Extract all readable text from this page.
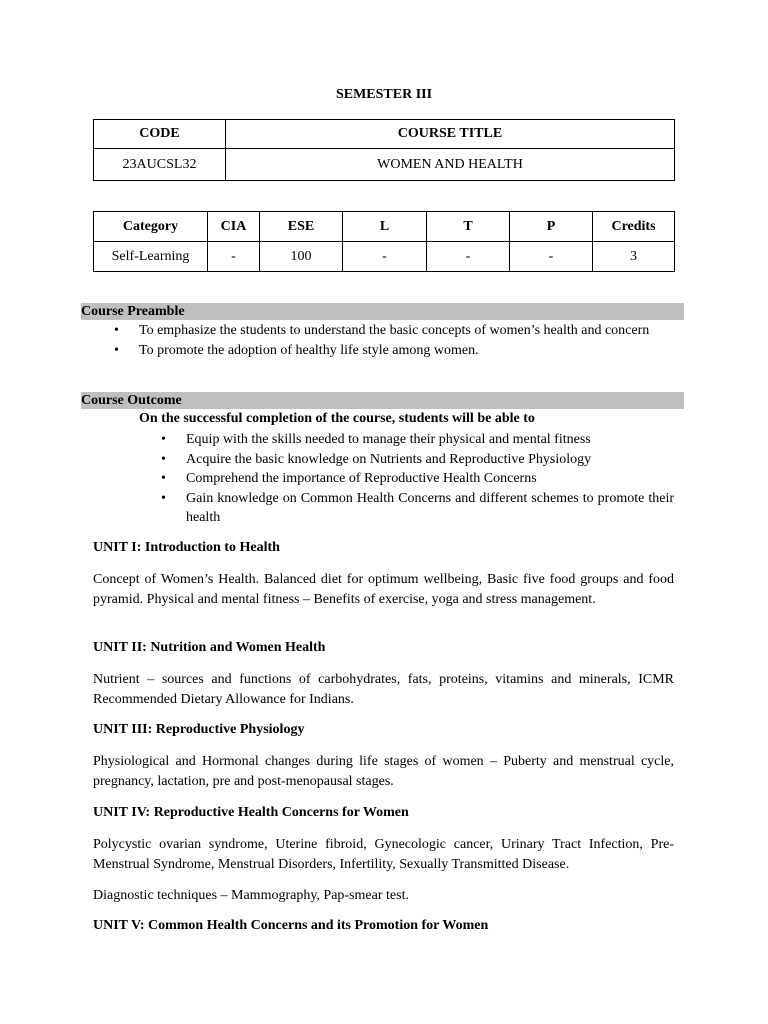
SEMESTER III
CODE	COURSE TITLE
23AUCSL32	WOMEN AND HEALTH
Category	CIA	ESE	L	T	P	Credits
Self-Learning	-	100	-	-	-	3
Course Preamble
• To emphasize the students to understand the basic concepts of women’s health and concern
• To promote the adoption of healthy life style among women.
Course Outcome
On the successful completion of the course, students will be able to
• Equip with the skills needed to manage their physical and mental fitness
• Acquire the basic knowledge on Nutrients and Reproductive Physiology
• Comprehend the importance of Reproductive Health Concerns
• Gain knowledge on Common Health Concerns and different schemes to promote their health
UNIT I: Introduction to Health
Concept of Women’s Health. Balanced diet for optimum wellbeing, Basic five food groups and food pyramid. Physical and mental fitness – Benefits of exercise, yoga and stress management.
UNIT II: Nutrition and Women Health
Nutrient – sources and functions of carbohydrates, fats, proteins, vitamins and minerals, ICMR Recommended Dietary Allowance for Indians.
UNIT III: Reproductive Physiology
Physiological and Hormonal changes during life stages of women – Puberty and menstrual cycle, pregnancy, lactation, pre and post-menopausal stages.
UNIT IV: Reproductive Health Concerns for Women
Polycystic ovarian syndrome, Uterine fibroid, Gynecologic cancer, Urinary Tract Infection, Pre-Menstrual Syndrome, Menstrual Disorders, Infertility, Sexually Transmitted Disease.
Diagnostic techniques – Mammography, Pap-smear test.
UNIT V: Common Health Concerns and its Promotion for Women
